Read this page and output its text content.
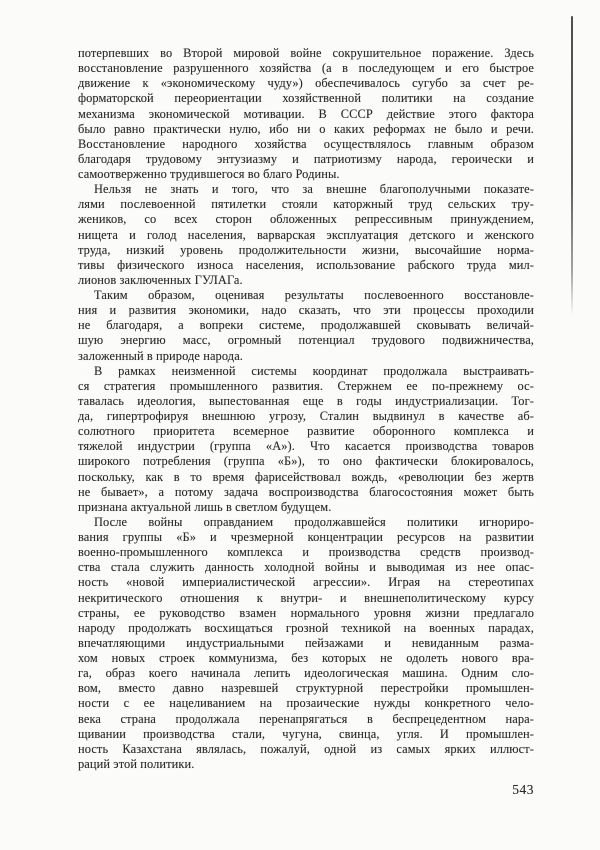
потерпевших во Второй мировой войне сокрушительное поражение. Здесь
восстановление разрушенного хозяйства (а в последующем и его быстрое
движение к «экономическому чуду») обеспечивалось сугубо за счет ре-
форматорской переориентации хозяйственной политики на создание
механизма экономической мотивации. В СССР действие этого фактора
было равно практически нулю, ибо ни о каких реформах не было и речи.
Восстановление народного хозяйства осуществлялось главным образом
благодаря трудовому энтузиазму и патриотизму народа, героически и
самоотверженно трудившегося во благо Родины.
Нельзя не знать и того, что за внешне благополучными показате-
лями послевоенной пятилетки стояли каторжный труд сельских тру-
жеников, со всех сторон обложенных репрессивным принуждением,
нищета и голод населения, варварская эксплуатация детского и женского
труда, низкий уровень продолжительности жизни, высочайшие норма-
тивы физического износа населения, использование рабского труда мил-
лионов заключенных ГУЛАГа.
Таким образом, оценивая результаты послевоенного восстановле-
ния и развития экономики, надо сказать, что эти процессы проходили
не благодаря, а вопреки системе, продолжавшей сковывать величай-
шую энергию масс, огромный потенциал трудового подвижничества,
заложенный в природе народа.
В рамках неизменной системы координат продолжала выстраивать-
ся стратегия промышленного развития. Стержнем ее по-прежнему ос-
тавалась идеология, выпестованная еще в годы индустриализации. Тог-
да, гипертрофируя внешнюю угрозу, Сталин выдвинул в качестве аб-
солютного приоритета всемерное развитие оборонного комплекса и
тяжелой индустрии (группа «А»). Что касается производства товаров
широкого потребления (группа «Б»), то оно фактически блокировалось,
поскольку, как в то время фарисействовал вождь, «революции без жертв
не бывает», а потому задача воспроизводства благосостояния может быть
признана актуальной лишь в светлом будущем.
После войны оправданием продолжавшейся политики игнориро-
вания группы «Б» и чрезмерной концентрации ресурсов на развитии
военно-промышленного комплекса и производства средств производ-
ства стала служить данность холодной войны и выводимая из нее опас-
ность «новой империалистической агрессии». Играя на стереотипах
некритического отношения к внутри- и внешнеполитическому курсу
страны, ее руководство взамен нормального уровня жизни предлагало
народу продолжать восхищаться грозной техникой на военных парадах,
впечатляющими индустриальными пейзажами и невиданным разма-
хом новых строек коммунизма, без которых не одолеть нового вра-
га, образ коего начинала лепить идеологическая машина. Одним сло-
вом, вместо давно назревшей структурной перестройки промышлен-
ности с ее нацеливанием на прозаические нужды конкретного чело-
века страна продолжала перенапрягаться в беспрецедентном нара-
щивании производства стали, чугуна, свинца, угля. И промышлен-
ность Казахстана являлась, пожалуй, одной из самых ярких иллюст-
раций этой политики.
543
